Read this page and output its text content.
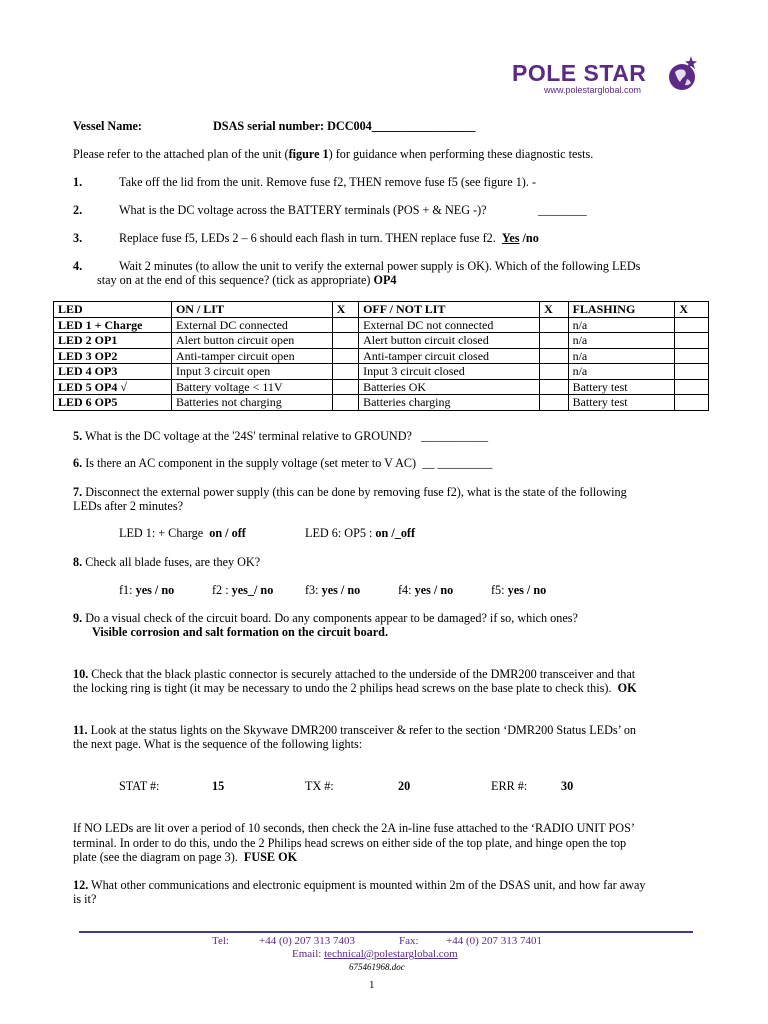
POLE STAR
www.polestarglobal.com
Vessel Name:	DSAS serial number: DCC004_________________
Please refer to the attached plan of the unit (figure 1) for guidance when performing these diagnostic tests.
1.	Take off the lid from the unit. Remove fuse f2, THEN remove fuse f5 (see figure 1). -
2.	What is the DC voltage across the BATTERY terminals (POS + & NEG -)?	________
3.	Replace fuse f5, LEDs 2 – 6 should each flash in turn. THEN replace fuse f2. Yes /no
4.	Wait 2 minutes (to allow the unit to verify the external power supply is OK). Which of the following LEDs
stay on at the end of this sequence? (tick as appropriate) OP4
LED	ON / LIT	X	OFF / NOT LIT	X	FLASHING	X
LED 1 + Charge	External DC connected		External DC not connected		n/a	
LED 2 OP1	Alert button circuit open		Alert button circuit closed		n/a	
LED 3 OP2	Anti-tamper circuit open		Anti-tamper circuit closed		n/a	
LED 4 OP3	Input 3 circuit open		Input 3 circuit closed		n/a	
LED 5 OP4 √	Battery voltage < 11V		Batteries OK		Battery test	
LED 6 OP5	Batteries not charging		Batteries charging		Battery test	
5. What is the DC voltage at the '24S' terminal relative to GROUND? ___________
6. Is there an AC component in the supply voltage (set meter to V AC) __ _________
7. Disconnect the external power supply (this can be done by removing fuse f2), what is the state of the following
LEDs after 2 minutes?
LED 1: + Charge on / off	LED 6: OP5 : on /_off
8. Check all blade fuses, are they OK?
f1: yes / no	f2 : yes_/ no	f3: yes / no	f4: yes / no	f5: yes / no
9. Do a visual check of the circuit board. Do any components appear to be damaged? if so, which ones?
Visible corrosion and salt formation on the circuit board.
10. Check that the black plastic connector is securely attached to the underside of the DMR200 transceiver and that
the locking ring is tight (it may be necessary to undo the 2 philips head screws on the base plate to check this). OK
11. Look at the status lights on the Skywave DMR200 transceiver & refer to the section ‘DMR200 Status LEDs’ on
the next page. What is the sequence of the following lights:
STAT #:	15	TX #:	20	ERR #:	30
If NO LEDs are lit over a period of 10 seconds, then check the 2A in-line fuse attached to the ‘RADIO UNIT POS’
terminal. In order to do this, undo the 2 Philips head screws on either side of the top plate, and hinge open the top
plate (see the diagram on page 3). FUSE OK
12. What other communications and electronic equipment is mounted within 2m of the DSAS unit, and how far away
is it?
Tel:	+44 (0) 207 313 7403	Fax: +44 (0) 207 313 7401
Email: technical@polestarglobal.com
675461968.doc
1
